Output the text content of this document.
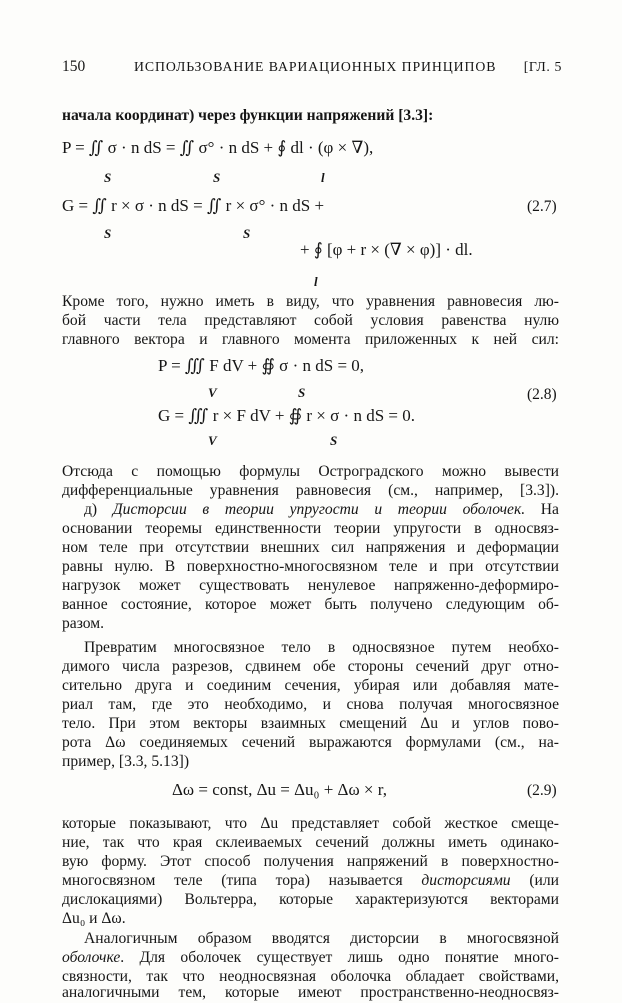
150	ИСПОЛЬЗОВАНИЕ ВАРИАЦИОННЫХ ПРИНЦИПОВ [ГЛ. 5
начала координат) через функции напряжений [3.3]:
P = ∬ σ · n dS = ∬ σ° · n dS + ∮ dl · (φ × ∇),
S	S	l
G = ∬ r × σ · n dS = ∬ r × σ° · n dS +
S	S
(2.7)
+ ∮ [φ + r × (∇ × φ)] · dl.
l
Кроме того, нужно иметь в виду, что уравнения равновесия лю-
бой части тела представляют собой условия равенства нулю
главного вектора и главного момента приложенных к ней сил:
P = ∭ F dV + ∯ σ · n dS = 0,
V	S	(2.8)
G = ∭ r × F dV + ∯ r × σ · n dS = 0.
V	S
Отсюда с помощью формулы Остроградского можно вывести
дифференциальные уравнения равновесия (см., например, [3.3]).
д) Дисторсии в теории упругости и теории оболочек. На
основании теоремы единственности теории упругости в односвяз-
ном теле при отсутствии внешних сил напряжения и деформации
равны нулю. В поверхностно-многосвязном теле и при отсутствии
нагрузок может существовать ненулевое напряженно-деформиро-
ванное состояние, которое может быть получено следующим об-
разом.
Превратим многосвязное тело в односвязное путем необхо-
димого числа разрезов, сдвинем обе стороны сечений друг отно-
сительно друга и соединим сечения, убирая или добавляя мате-
риал там, где это необходимо, и снова получая многосвязное
тело. При этом векторы взаимных смещений Δu и углов пово-
рота Δω соединяемых сечений выражаются формулами (см., на-
пример, [3.3, 5.13])
Δω = const, Δu = Δu₀ + Δω × r,	(2.9)
которые показывают, что Δu представляет собой жесткое смеще-
ние, так что края склеиваемых сечений должны иметь одинако-
вую форму. Этот способ получения напряжений в поверхностно-
многосвязном теле (типа тора) называется дисторсиями (или
дислокациями) Вольтерра, которые характеризуются векторами
Δu₀ и Δω.
Аналогичным образом вводятся дисторсии в многосвязной
оболочке. Для оболочек существует лишь одно понятие много-
связности, так что неодносвязная оболочка обладает свойствами,
аналогичными тем, которые имеют пространственно-неодносвяз-
